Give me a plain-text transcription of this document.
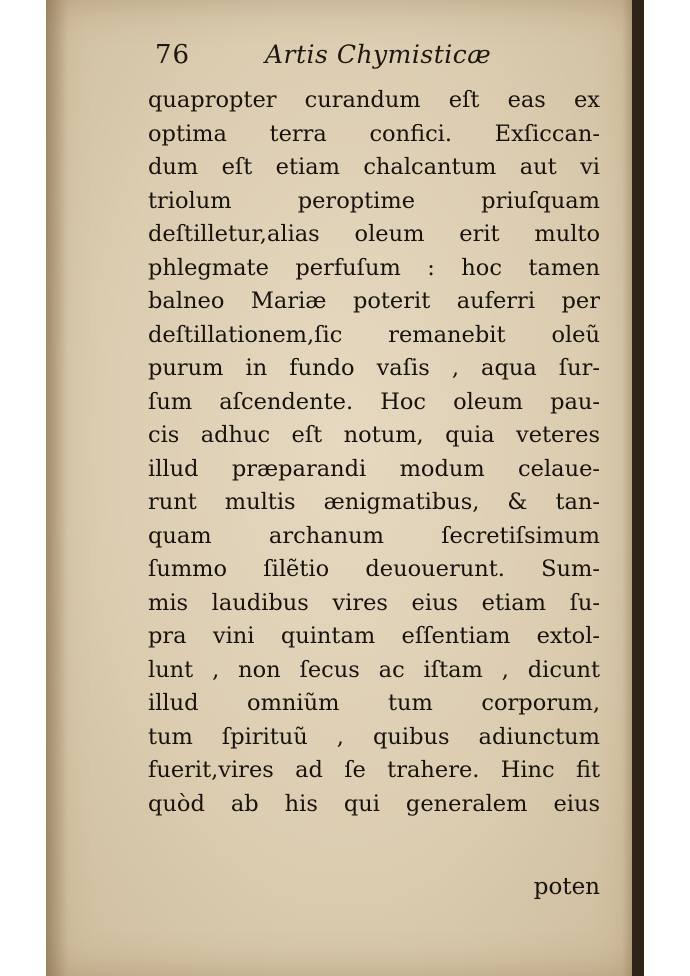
76	Artis Chymisticæ
quapropter curandum eſt eas ex
optima terra confici. Exſiccan-
dum eſt etiam chalcantum aut vi
triolum peroptime priuſquam
deſtilletur,alias oleum erit multo
phlegmate perfuſum : hoc tamen
balneo Mariæ poterit auferri per
deſtillationem,ſic remanebit oleũ
purum in fundo vaſis , aqua ſur-
ſum aſcendente. Hoc oleum pau-
cis adhuc eſt notum, quia veteres
illud præparandi modum celaue-
runt multis ænigmatibus, & tan-
quam archanum ſecretiſsimum
ſummo ſilẽtio deuouerunt. Sum-
mis laudibus vires eius etiam ſu-
pra vini quintam eſſentiam extol-
lunt , non ſecus ac iſtam , dicunt
illud omniũm tum corporum,
tum ſpirituũ , quibus adiunctum
fuerit,vires ad ſe trahere. Hinc fit
quòd ab his qui generalem eius
poten
